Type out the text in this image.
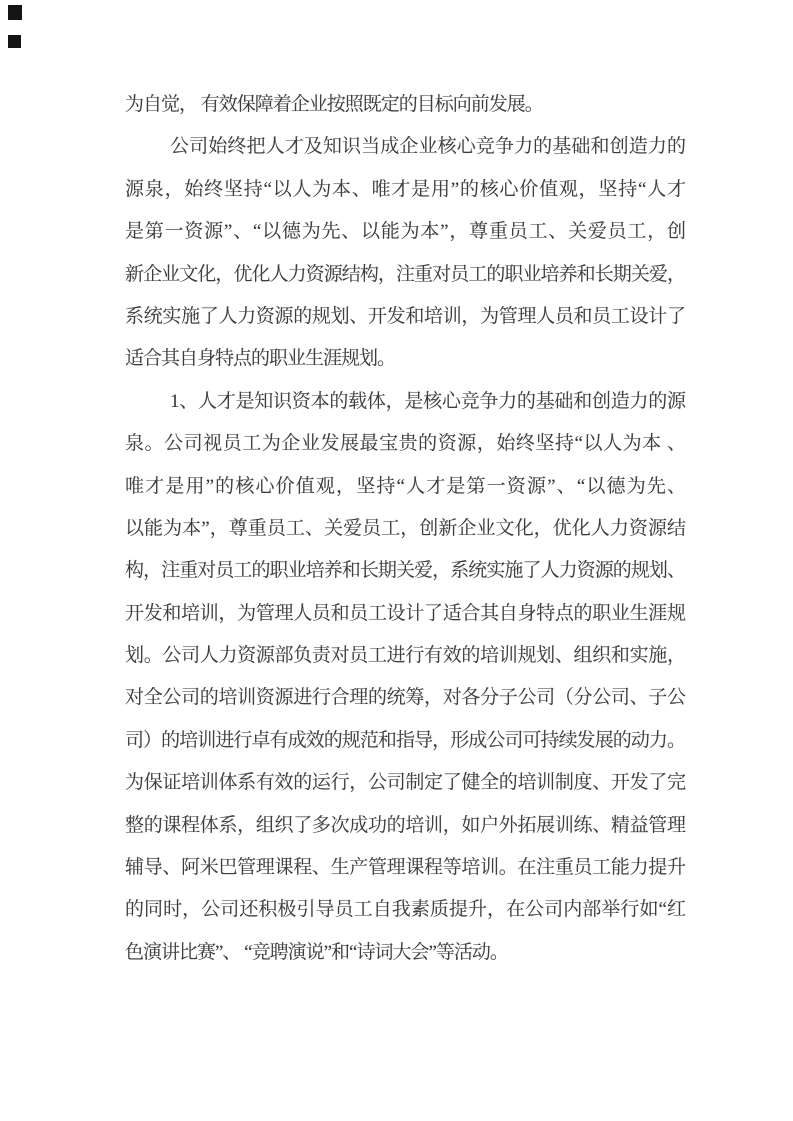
为自觉， 有效保障着企业按照既定的目标向前发展。
公司始终把人才及知识当成企业核心竞争力的基础和创造力的
源泉，始终坚持“以人为本、唯才是用”的核心价值观，坚持“人才
是第一资源”、“以德为先、以能为本”，尊重员工、关爱员工，创
新企业文化，优化人力资源结构，注重对员工的职业培养和长期关爱，
系统实施了人力资源的规划、开发和培训，为管理人员和员工设计了
适合其自身特点的职业生涯规划。
1、人才是知识资本的载体，是核心竞争力的基础和创造力的源
泉。公司视员工为企业发展最宝贵的资源，始终坚持“以人为本 、
唯才是用”的核心价值观，坚持“人才是第一资源”、“以德为先、
以能为本”，尊重员工、关爱员工，创新企业文化，优化人力资源结
构，注重对员工的职业培养和长期关爱，系统实施了人力资源的规划、
开发和培训，为管理人员和员工设计了适合其自身特点的职业生涯规
划。公司人力资源部负责对员工进行有效的培训规划、组织和实施，
对全公司的培训资源进行合理的统筹，对各分子公司（分公司、子公
司）的培训进行卓有成效的规范和指导，形成公司可持续发展的动力。
为保证培训体系有效的运行，公司制定了健全的培训制度、开发了完
整的课程体系，组织了多次成功的培训，如户外拓展训练、精益管理
辅导、阿米巴管理课程、生产管理课程等培训。在注重员工能力提升
的同时，公司还积极引导员工自我素质提升，在公司内部举行如“红
色演讲比赛”、 “竞聘演说”和“诗词大会”等活动。
